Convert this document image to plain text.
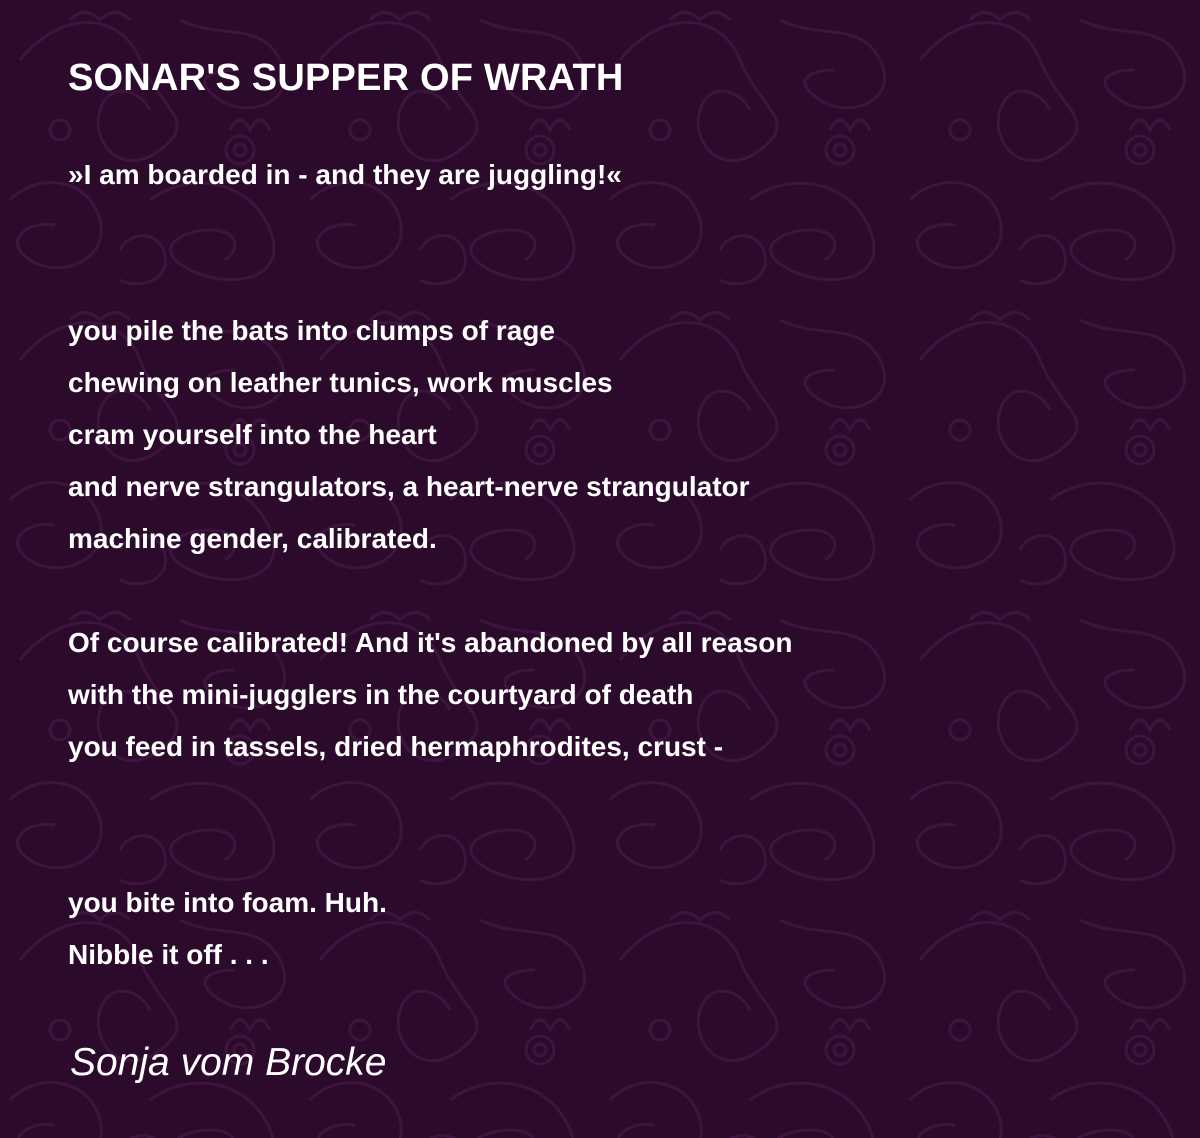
SONAR'S SUPPER OF WRATH
»I am boarded in - and they are juggling!«
you pile the bats into clumps of rage
chewing on leather tunics, work muscles
cram yourself into the heart
and nerve strangulators, a heart-nerve strangulator
machine gender, calibrated.
Of course calibrated! And it's abandoned by all reason
with the mini-jugglers in the courtyard of death
you feed in tassels, dried hermaphrodites, crust -
you bite into foam. Huh.
Nibble it off . . .
Sonja vom Brocke
